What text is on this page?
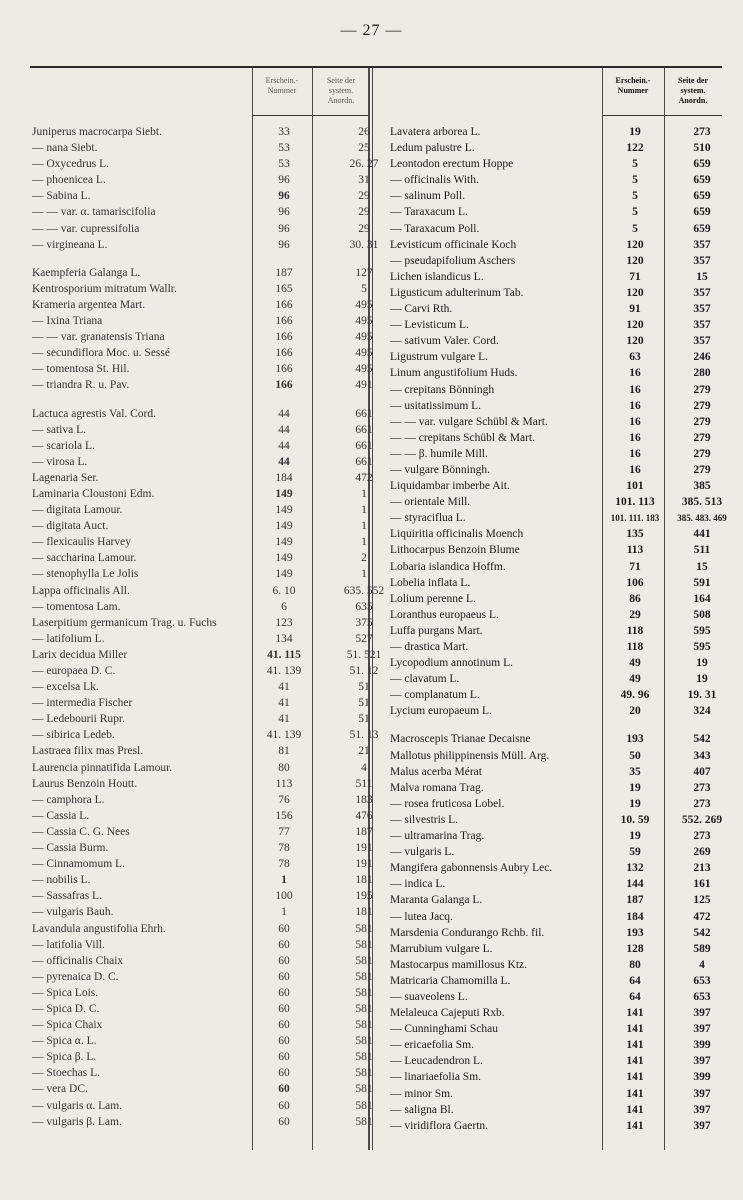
— 27 —
Erschein.-
Nummer
Seite der
system.
Anordn.
Erschein.-
Nummer
Seite der
system.
Anordn.
Juniperus macrocarpa Siebt.	33	26
— nana Siebt.	53	25
— Oxycedrus L.	53	26. 27
— phoenicea L.	96	31
— Sabina L.	96	29
— — var. α. tamariscifolia	96	29
— — var. cupressifolia	96	29
— virgineana L.	96	30. 31
Kaempferia Galanga L.	187	127
Kentrosporium mitratum Wallr.	165	5
Krameria argentea Mart.	166	495
— Ixina Triana	166	495
— — var. granatensis Triana	166	495
— secundiflora Moc. u. Sessé	166	495
— tomentosa St. Hil.	166	495
— triandra R. u. Pav.	166	491
Lactuca agrestis Val. Cord.	44	661
— sativa L.	44	661
— scariola L.	44	661
— virosa L.	44	661
Lagenaria Ser.	184	472
Laminaria Cloustoni Edm.	149	1
— digitata Lamour.	149	1
— digitata Auct.	149	1
— flexicaulis Harvey	149	1
— saccharina Lamour.	149	2
— stenophylla Le Jolis	149	1
Lappa officinalis All.	6. 10	635. 552
— tomentosa Lam.	6	635
Laserpitium germanicum Trag. u. Fuchs	123	375
— latifolium L.	134	527
Larix decidua Miller	41. 115	51. 521
— europaea D. C.	41. 139	51. 12
— excelsa Lk.	41	51
— intermedia Fischer	41	51
— Ledebourii Rupr.	41	51
— sibirica Ledeb.	41. 139	51. 13
Lastraea filix mas Presl.	81	21
Laurencia pinnatifida Lamour.	80	4
Laurus Benzoin Houtt.	113	511
— camphora L.	76	183
— Cassia L.	156	476
— Cassia C. G. Nees	77	187
— Cassia Burm.	78	191
— Cinnamomum L.	78	191
— nobilis L.	1	181
— Sassafras L.	100	195
— vulgaris Bauh.	1	181
Lavandula angustifolia Ehrh.	60	581
— latifolia Vill.	60	581
— officinalis Chaix	60	581
— pyrenaica D. C.	60	581
— Spica Lois.	60	581
— Spica D. C.	60	581
— Spica Chaix	60	581
— Spica α. L.	60	581
— Spica β. L.	60	581
— Stoechas L.	60	581
— vera DC.	60	581
— vulgaris α. Lam.	60	581
— vulgaris β. Lam.	60	581
Lavatera arborea L.	19	273
Ledum palustre L.	122	510
Leontodon erectum Hoppe	5	659
— officinalis With.	5	659
— salinum Poll.	5	659
— Taraxacum L.	5	659
— Taraxacum Poll.	5	659
Levisticum officinale Koch	120	357
— pseudapifolium Aschers	120	357
Lichen islandicus L.	71	15
Ligusticum adulterinum Tab.	120	357
— Carvi Rth.	91	357
— Levisticum L.	120	357
— sativum Valer. Cord.	120	357
Ligustrum vulgare L.	63	246
Linum angustifolium Huds.	16	280
— crepitans Bönningh	16	279
— usitatissimum L.	16	279
— — var. vulgare Schübl & Mart.	16	279
— — crepitans Schübl & Mart.	16	279
— — β. humile Mill.	16	279
— vulgare Bönningh.	16	279
Liquidambar imberbe Ait.	101	385
— orientale Mill.	101. 113	385. 513
— styraciflua L.	101. 111. 183	385. 483. 469
Liquiritia officinalis Moench	135	441
Lithocarpus Benzoin Blume	113	511
Lobaria islandica Hoffm.	71	15
Lobelia inflata L.	106	591
Lolium perenne L.	86	164
Loranthus europaeus L.	29	508
Luffa purgans Mart.	118	595
— drastica Mart.	118	595
Lycopodium annotinum L.	49	19
— clavatum L.	49	19
— complanatum L.	49. 96	19. 31
Lycium europaeum L.	20	324
Macroscepis Trianae Decaisne	193	542
Mallotus philippinensis Müll. Arg.	50	343
Malus acerba Mérat	35	407
Malva romana Trag.	19	273
— rosea fruticosa Lobel.	19	273
— silvestris L.	10. 59	552. 269
— ultramarina Trag.	19	273
— vulgaris L.	59	269
Mangifera gabonnensis Aubry Lec.	132	213
— indica L.	144	161
Maranta Galanga L.	187	125
— lutea Jacq.	184	472
Marsdenia Condurango Rchb. fil.	193	542
Marrubium vulgare L.	128	589
Mastocarpus mamillosus Ktz.	80	4
Matricaria Chamomilla L.	64	653
— suaveolens L.	64	653
Melaleuca Cajeputi Rxb.	141	397
— Cunninghami Schau	141	397
— ericaefolia Sm.	141	399
— Leucadendron L.	141	397
— linariaefolia Sm.	141	399
— minor Sm.	141	397
— saligna Bl.	141	397
— viridiflora Gaertn.	141	397
